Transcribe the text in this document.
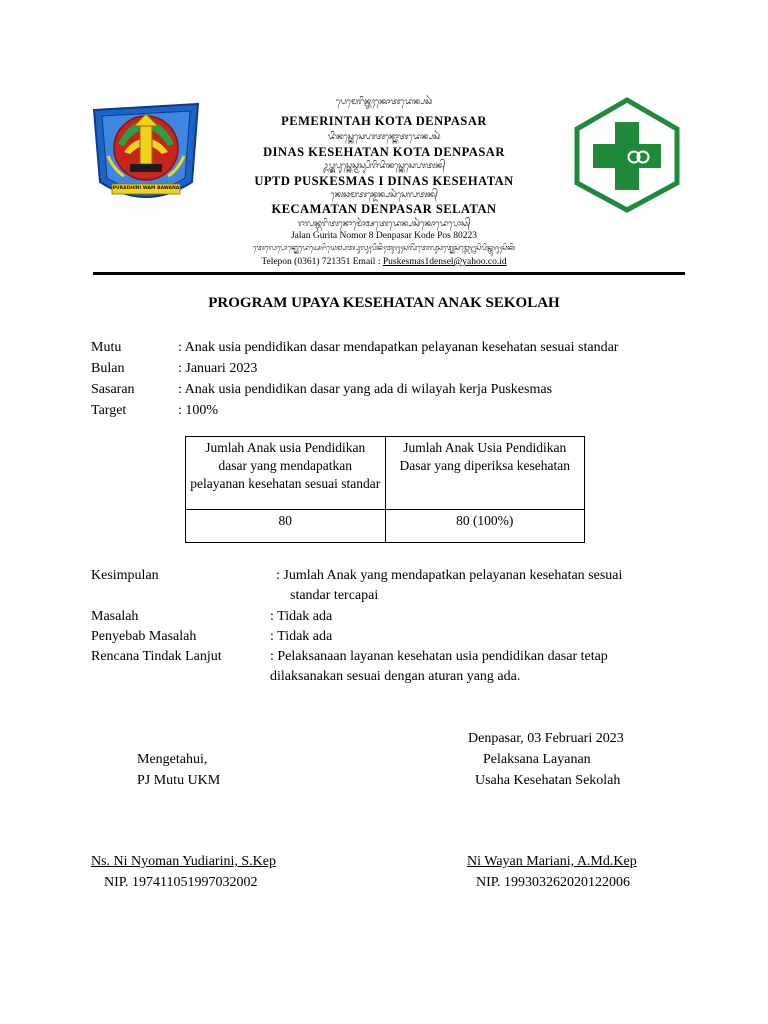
PURADHINI WAM BAWANA
ᬧᬾᬫᬾᬭᬶᬦ᭄ᬢᬄᬓᭀᬢᬤᬾᬦ᭄ᬧᬲᬃ
PEMERINTAH KOTA DENPASAR
ᬤᬶᬦᬲ᭄ᬓᬾᬲᬾᬳᬢᬦ᭄ᬓᭀᬢᬤᬾᬦ᭄ᬧᬲᬃ
DINAS KESEHATAN KOTA DENPASAR
ᬉᬧ᭄ᬢ᭄ᬤᬧᬸᬲ᭄ᬓᬾᬲ᭄ᬫᬲ᭄ᬲᬶᬚᬶᬤᬶᬦᬲ᭄ᬓᬾᬲᬾᬳᬢᬦ᭄
UPTD PUSKESMAS I DINAS KESEHATAN
ᬓᬾᬘᬫᬢᬦ᭄ᬤᬾᬦ᭄ᬧᬲᬃᬲᬾᬮᬢᬦ᭄
KECAMATAN DENPASAR SELATAN
ᬚᬮᬦ᭄ᬕᬭᬶᬢᬦᭀᬫᭀᬃᬅᬢᬾᬤᬾᬦ᭄ᬧᬲᬃᬓᭀᬤᬾᬧᭀᬲ᭄
Jalan Gurita Nomor 8 Denpasar Kode Pos 80223
ᬢᬾᬮᬾᬧᭀᬦ᭄ᬓᭀᬤᬾᬅᬾᬭᬶᬬᬾᬫ᭄ᬧᬢ᭄ᬧᬸᬮᬸᬄᬧᬶᬦᬶᬄᬢᬸᬚᬸᬄᬲᬮᬶᬂᬢᬾᬮᬸᬲᬢ᭄ᬓᬾᬲᬫ᭄ᬩᬾᬍᬲᬶᬧᬶᬦ᭄ᬢᬸᬚᬸᬄᬲᬶᬓᬶ
Telepon (0361) 721351 Email : Puskesmas1densel@yahoo.co.id
PROGRAM UPAYA KESEHATAN ANAK SEKOLAH
Mutu	: Anak usia pendidikan dasar mendapatkan pelayanan kesehatan sesuai standar
Bulan	: Januari 2023
Sasaran	: Anak usia pendidikan dasar yang ada di wilayah kerja Puskesmas
Target	: 100%
Jumlah Anak usia Pendidikan dasar yang mendapatkan pelayanan kesehatan sesuai standar	Jumlah Anak Usia Pendidikan Dasar yang diperiksa kesehatan
80	80 (100%)
Kesimpulan	: Jumlah Anak yang mendapatkan pelayanan kesehatan sesuai
standar tercapai
Masalah	: Tidak ada
Penyebab Masalah	: Tidak ada
Rencana Tindak Lanjut	: Pelaksanaan layanan kesehatan usia pendidikan dasar tetap
dilaksanakan sesuai dengan aturan yang ada.
Denpasar, 03 Februari 2023
Mengetahui,
PJ Mutu UKM
Pelaksana Layanan
Usaha Kesehatan Sekolah
Ns. Ni Nyoman Yudiarini, S.Kep
NIP. 197411051997032002
Ni Wayan Mariani, A.Md.Kep
NIP. 199303262020122006
